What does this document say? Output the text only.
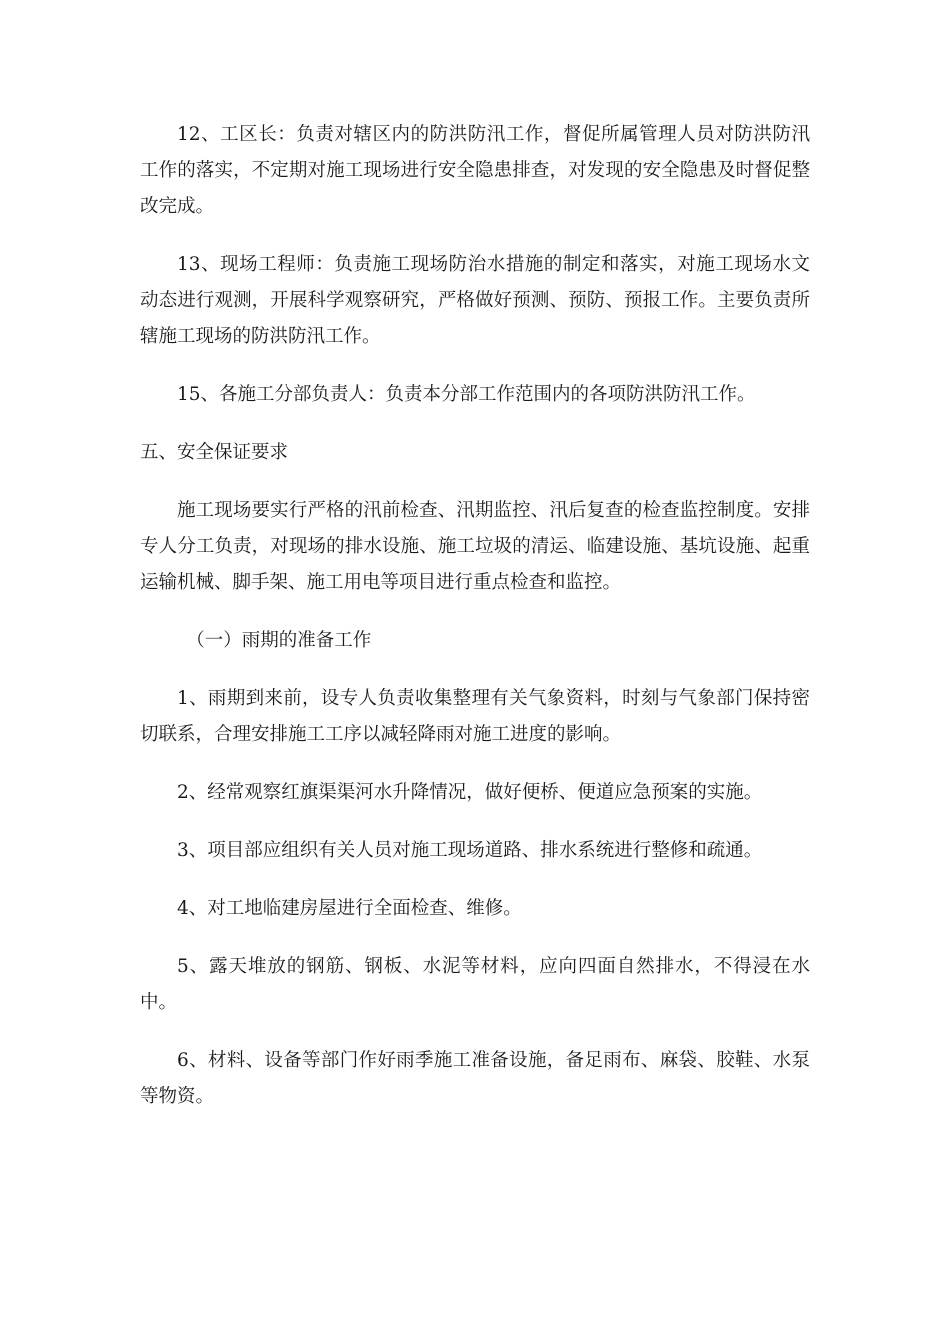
12、工区长：负责对辖区内的防洪防汛工作，督促所属管理人员对防洪防汛工作的落实，不定期对施工现场进行安全隐患排查，对发现的安全隐患及时督促整改完成。

13、现场工程师：负责施工现场防治水措施的制定和落实，对施工现场水文动态进行观测，开展科学观察研究，严格做好预测、预防、预报工作。主要负责所辖施工现场的防洪防汛工作。

15、各施工分部负责人：负责本分部工作范围内的各项防洪防汛工作。

五、安全保证要求

施工现场要实行严格的汛前检查、汛期监控、汛后复查的检查监控制度。安排专人分工负责，对现场的排水设施、施工垃圾的清运、临建设施、基坑设施、起重运输机械、脚手架、施工用电等项目进行重点检查和监控。

（一）雨期的准备工作

1、雨期到来前，设专人负责收集整理有关气象资料，时刻与气象部门保持密切联系，合理安排施工工序以减轻降雨对施工进度的影响。

2、经常观察红旗渠渠河水升降情况，做好便桥、便道应急预案的实施。

3、项目部应组织有关人员对施工现场道路、排水系统进行整修和疏通。

4、对工地临建房屋进行全面检查、维修。

5、露天堆放的钢筋、钢板、水泥等材料，应向四面自然排水，不得浸在水中。

6、材料、设备等部门作好雨季施工准备设施，备足雨布、麻袋、胶鞋、水泵等物资。
